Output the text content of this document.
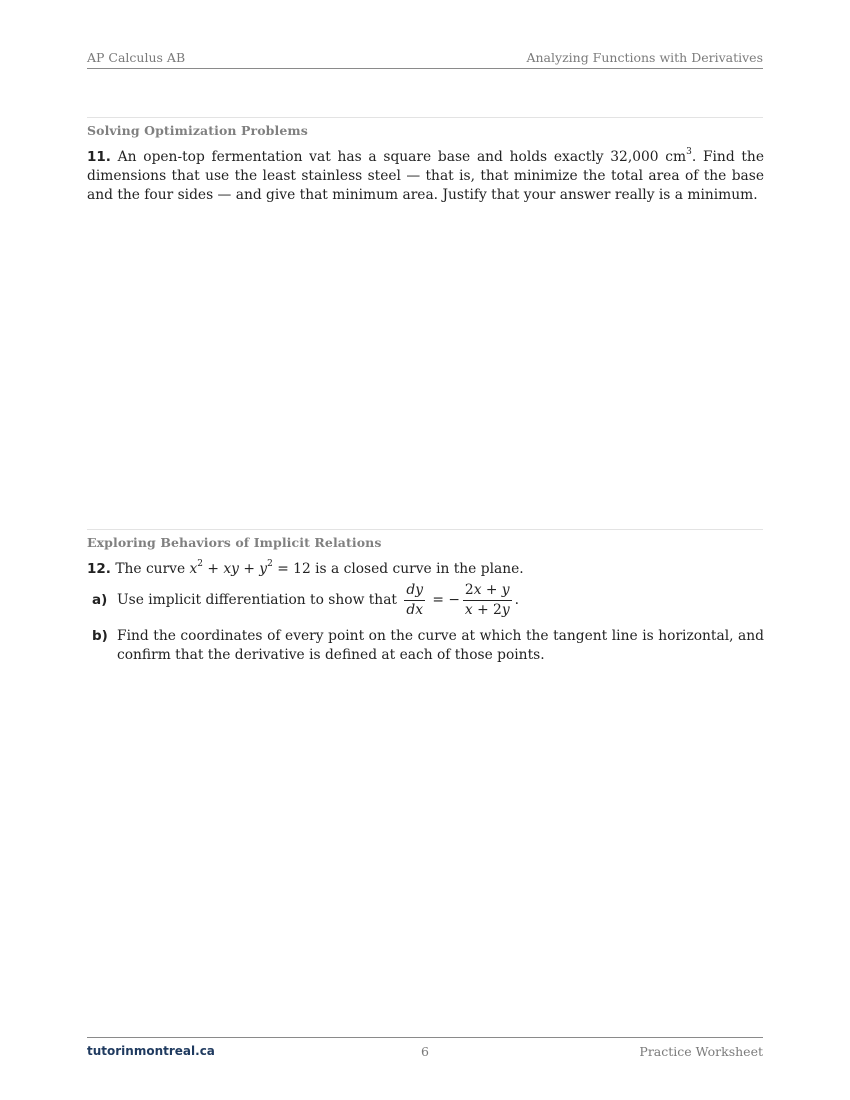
AP Calculus AB	Analyzing Functions with Derivatives
Solving Optimization Problems
11. An open-top fermentation vat has a square base and holds exactly 32,000 $cm^3$. Find the dimensions that use the least stainless steel — that is, that minimize the total area of the base and the four sides — and give that minimum area. Justify that your answer really is a minimum.
Exploring Behaviors of Implicit Relations
12. The curve $x^2$ + xy + $y^2 = 12$ is a closed curve in the plane.
a) Use implicit differentiation to show that $\frac{dy}{dx}$ = − $\frac{2x + y}{x + 2y}$ .
b) Find the coordinates of every point on the curve at which the tangent line is horizontal, and confirm that the derivative is defined at each of those points.
tutorinmontreal.ca	6	Practice Worksheet
